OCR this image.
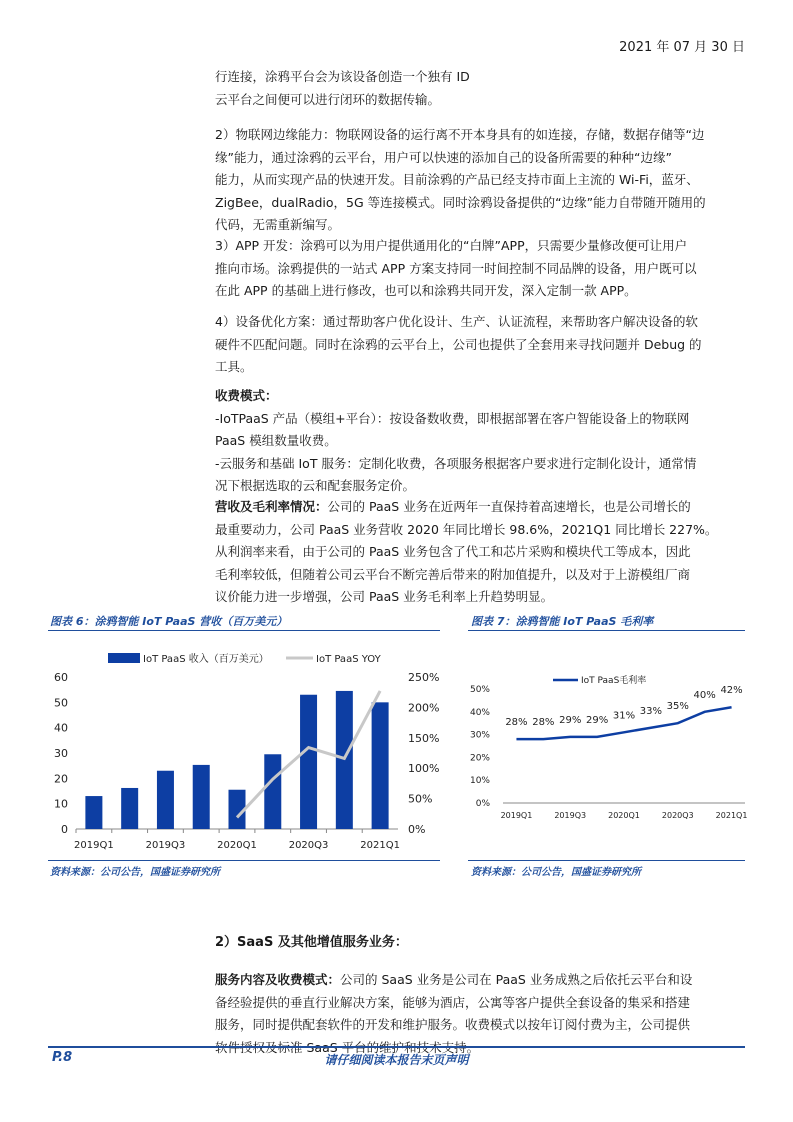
2021 年 07 月 30 日

行连接，涂鸦平台会为该设备创造一个独有 ID
云平台之间便可以进行闭环的数据传输。

2）物联网边缘能力：物联网设备的运行离不开本身具有的如连接，存储，数据存储等“边
缘”能力，通过涂鸦的云平台，用户可以快速的添加自己的设备所需要的种种“边缘”
能力，从而实现产品的快速开发。目前涂鸦的产品已经支持市面上主流的 Wi-Fi，蓝牙、
ZigBee，dualRadio，5G 等连接模式。同时涂鸦设备提供的“边缘”能力自带随开随用的
代码，无需重新编写。

3）APP 开发：涂鸦可以为用户提供通用化的“白牌”APP，只需要少量修改便可让用户
推向市场。涂鸦提供的一站式 APP 方案支持同一时间控制不同品牌的设备，用户既可以
在此 APP 的基础上进行修改，也可以和涂鸦共同开发，深入定制一款 APP。

4）设备优化方案：通过帮助客户优化设计、生产、认证流程，来帮助客户解决设备的软
硬件不匹配问题。同时在涂鸦的云平台上，公司也提供了全套用来寻找问题并 Debug 的
工具。

收费模式：
-IoTPaaS 产品（模组+平台）：按设备数收费，即根据部署在客户智能设备上的物联网
PaaS 模组数量收费。
-云服务和基础 IoT 服务：定制化收费，各项服务根据客户要求进行定制化设计，通常情
况下根据选取的云和配套服务定价。

营收及毛利率情况：公司的 PaaS 业务在近两年一直保持着高速增长，也是公司增长的
最重要动力，公司 PaaS 业务营收 2020 年同比增长 98.6%，2021Q1 同比增长 227%。
从利润率来看，由于公司的 PaaS 业务包含了代工和芯片采购和模块代工等成本，因此
毛利率较低，但随着公司云平台不断完善后带来的附加值提升，以及对于上游模组厂商
议价能力进一步增强，公司 PaaS 业务毛利率上升趋势明显。

图表 6：涂鸦智能 IoT PaaS 营收（百万美元）
IoT PaaS 收入（百万美元）	IoT PaaS YOY
0
10
20
30
40
50
60
0%
50%
100%
150%
200%
250%
2019Q1	2019Q3	2020Q1	2020Q3	2021Q1
资料来源：公司公告，国盛证券研究所
图表 7：涂鸦智能 IoT PaaS 毛利率
IoT PaaS毛利率
0%
10%
20%
30%
40%
50%
28%
2019Q1
28% 29%
2019Q3
29% 31%
2020Q1
33% 35%
2020Q3
40% 42%
2021Q1
资料来源：公司公告，国盛证券研究所
2）SaaS 及其他增值服务业务：

服务内容及收费模式：公司的 SaaS 业务是公司在 PaaS 业务成熟之后依托云平台和设
备经验提供的垂直行业解决方案，能够为酒店，公寓等客户提供全套设备的集采和搭建
服务，同时提供配套软件的开发和维护服务。收费模式以按年订阅付费为主，公司提供
软件授权及标准 SaaS 平台的维护和技术支持。

P.8	请仔细阅读本报告末页声明
